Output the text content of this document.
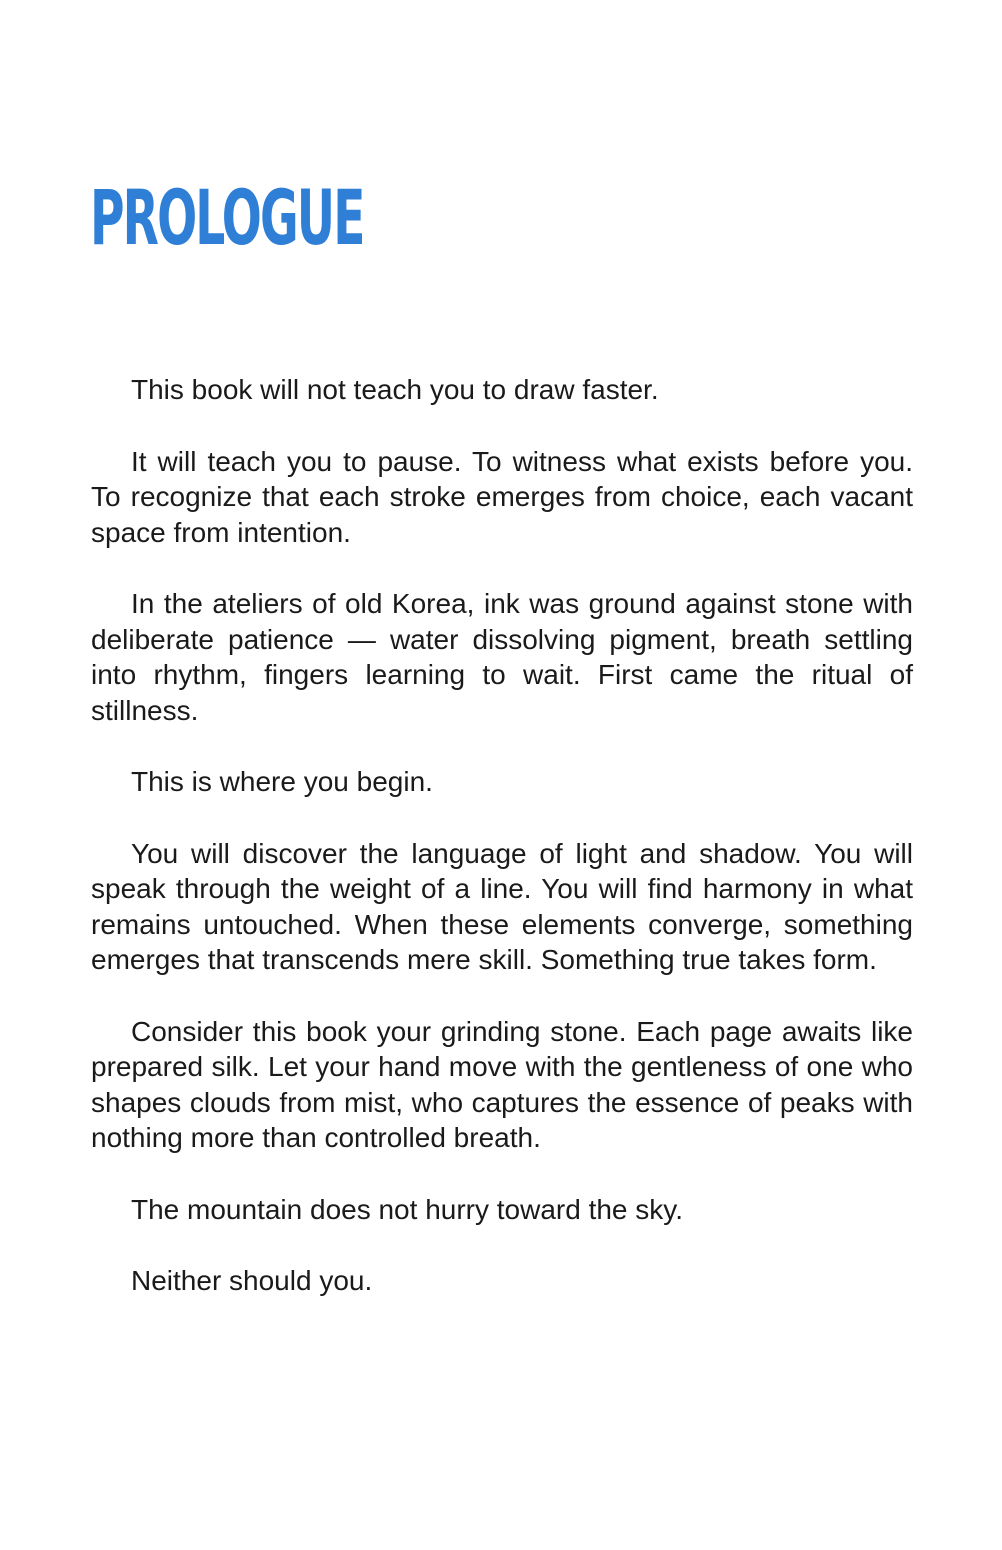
PROLOGUE

This book will not teach you to draw faster.

It will teach you to pause. To witness what exists before you. To recognize that each stroke emerges from choice, each vacant space from intention.

In the ateliers of old Korea, ink was ground against stone with deliberate patience — water dissolving pigment, breath settling into rhythm, fingers learning to wait. First came the ritual of stillness.

This is where you begin.

You will discover the language of light and shadow. You will speak through the weight of a line. You will find harmony in what remains untouched. When these elements converge, something emerges that transcends mere skill. Something true takes form.

Consider this book your grinding stone. Each page awaits like prepared silk. Let your hand move with the gentleness of one who shapes clouds from mist, who captures the essence of peaks with nothing more than controlled breath.

The mountain does not hurry toward the sky.

Neither should you.
